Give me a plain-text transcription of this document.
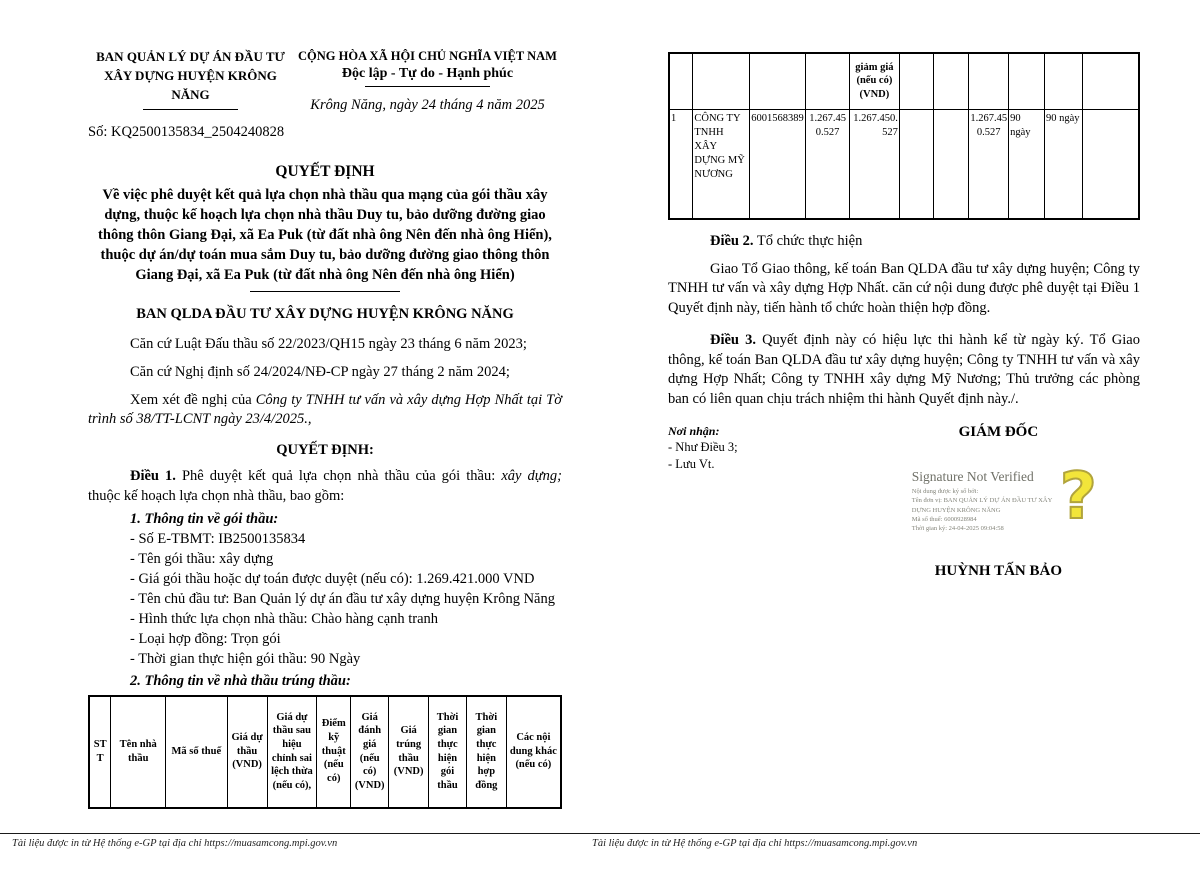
BAN QUẢN LÝ DỰ ÁN ĐẦU TƯ XÂY DỰNG HUYỆN KRÔNG NĂNG
CỘNG HÒA XÃ HỘI CHỦ NGHĨA VIỆT NAM
Độc lập - Tự do - Hạnh phúc
Krông Năng, ngày 24 tháng 4 năm 2025
Số: KQ2500135834_2504240828
QUYẾT ĐỊNH
Về việc phê duyệt kết quả lựa chọn nhà thầu qua mạng của gói thầu xây dựng, thuộc kế hoạch lựa chọn nhà thầu Duy tu, bảo dưỡng đường giao thông thôn Giang Đại, xã Ea Puk (từ đất nhà ông Nên đến nhà ông Hiển), thuộc dự án/dự toán mua sắm Duy tu, bảo dưỡng đường giao thông thôn Giang Đại, xã Ea Puk (từ đất nhà ông Nên đến nhà ông Hiển)
BAN QLDA ĐẦU TƯ XÂY DỰNG HUYỆN KRÔNG NĂNG

Căn cứ Luật Đấu thầu số 22/2023/QH15 ngày 23 tháng 6 năm 2023;

Căn cứ Nghị định số 24/2024/NĐ-CP ngày 27 tháng 2 năm 2024;

Xem xét đề nghị của Công ty TNHH tư vấn và xây dựng Hợp Nhất tại Tờ trình số 38/TT-LCNT ngày 23/4/2025.,

QUYẾT ĐỊNH:

Điều 1. Phê duyệt kết quả lựa chọn nhà thầu của gói thầu: xây dựng; thuộc kế hoạch lựa chọn nhà thầu, bao gồm:

1. Thông tin về gói thầu:

- Số E-TBMT: IB2500135834

- Tên gói thầu: xây dựng

- Giá gói thầu hoặc dự toán được duyệt (nếu có): 1.269.421.000 VND

- Tên chủ đầu tư: Ban Quản lý dự án đầu tư xây dựng huyện Krông Năng

- Hình thức lựa chọn nhà thầu: Chào hàng cạnh tranh

- Loại hợp đồng: Trọn gói

- Thời gian thực hiện gói thầu: 90 Ngày

2. Thông tin về nhà thầu trúng thầu:
STT	Tên nhà thầu	Mã số thuế	Giá dự thầu (VND)	Giá dự thầu sau hiệu chỉnh sai lệch thừa (nếu có),	Điểm kỹ thuật (nếu có)	Giá đánh giá (nếu có) (VND)	Giá trúng thầu (VND)	Thời gian thực hiện gói thầu	Thời gian thực hiện hợp đồng	Các nội dung khác (nếu có)
				giảm giá (nếu có) (VND)						
1	CÔNG TY TNHH XÂY DỰNG MỸ NƯƠNG	6001568389	1.267.450.527	1.267.450.527			1.267.450.527	90 ngày	90 ngày	

Điều 2. Tổ chức thực hiện

Giao Tổ Giao thông, kế toán Ban QLDA đầu tư xây dựng huyện; Công ty TNHH tư vấn và xây dựng Hợp Nhất. căn cứ nội dung được phê duyệt tại Điều 1 Quyết định này, tiến hành tổ chức hoàn thiện hợp đồng.

Điều 3. Quyết định này có hiệu lực thi hành kể từ ngày ký. Tổ Giao thông, kế toán Ban QLDA đầu tư xây dựng huyện; Công ty TNHH tư vấn và xây dựng Hợp Nhất; Công ty TNHH xây dựng Mỹ Nương; Thủ trưởng các phòng ban có liên quan chịu trách nhiệm thi hành Quyết định này./.

Nơi nhận:
- Như Điều 3;
- Lưu Vt.
GIÁM ĐỐC
Signature Not Verified
Nội dung được ký số bởi:
Tên đơn vị: BAN QUẢN LÝ DỰ ÁN ĐẦU TƯ XÂY
DỰNG HUYỆN KRÔNG NĂNG
Mã số thuế: 6000928984
Thời gian ký: 24-04-2025 09:04:58 ?
HUỲNH TẤN BẢO
Tài liệu được in từ Hệ thống e-GP tại địa chỉ https://muasamcong.mpi.gov.vn	Tài liệu được in từ Hệ thống e-GP tại địa chỉ https://muasamcong.mpi.gov.vn
